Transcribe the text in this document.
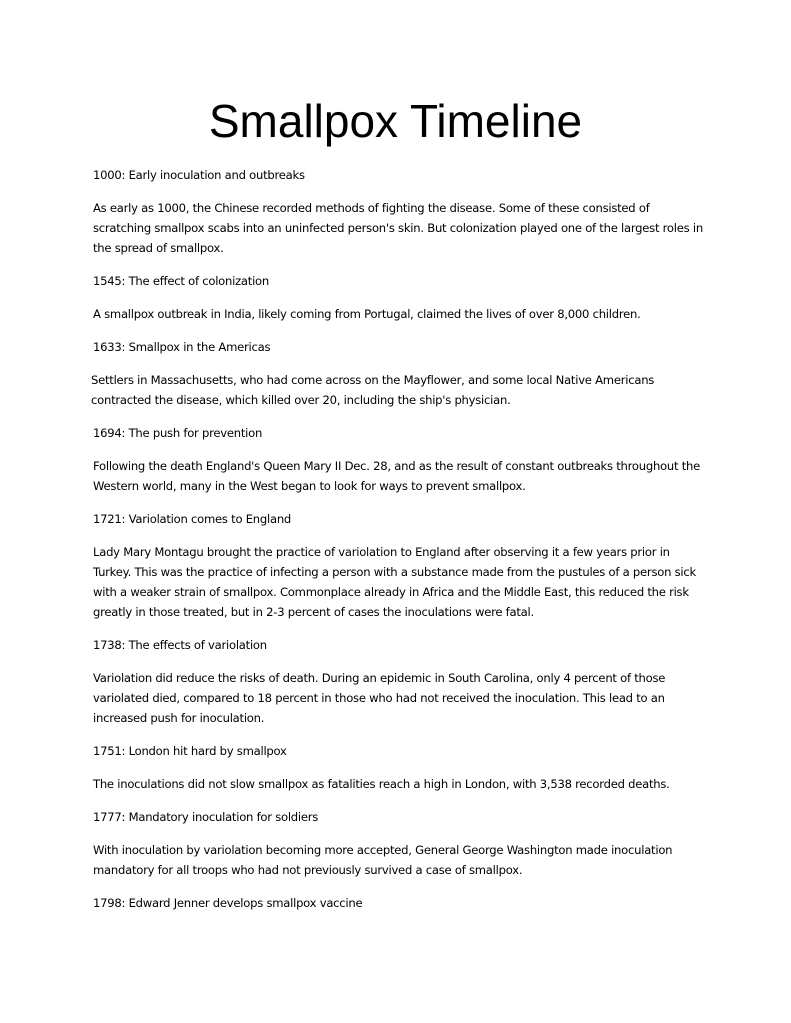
Smallpox Timeline
1000: Early inoculation and outbreaks
As early as 1000, the Chinese recorded methods of fighting the disease. Some of these consisted of scratching smallpox scabs into an uninfected person's skin. But colonization played one of the largest roles in the spread of smallpox.
1545: The effect of colonization
A smallpox outbreak in India, likely coming from Portugal, claimed the lives of over 8,000 children.
1633: Smallpox in the Americas
Settlers in Massachusetts, who had come across on the Mayflower, and some local Native Americans contracted the disease, which killed over 20, including the ship's physician.
1694: The push for prevention
Following the death England's Queen Mary II Dec. 28, and as the result of constant outbreaks throughout the Western world, many in the West began to look for ways to prevent smallpox.
1721: Variolation comes to England
Lady Mary Montagu brought the practice of variolation to England after observing it a few years prior in Turkey. This was the practice of infecting a person with a substance made from the pustules of a person sick with a weaker strain of smallpox. Commonplace already in Africa and the Middle East, this reduced the risk greatly in those treated, but in 2-3 percent of cases the inoculations were fatal.
1738: The effects of variolation
Variolation did reduce the risks of death. During an epidemic in South Carolina, only 4 percent of those variolated died, compared to 18 percent in those who had not received the inoculation. This lead to an increased push for inoculation.
1751: London hit hard by smallpox
The inoculations did not slow smallpox as fatalities reach a high in London, with 3,538 recorded deaths.
1777: Mandatory inoculation for soldiers
With inoculation by variolation becoming more accepted, General George Washington made inoculation mandatory for all troops who had not previously survived a case of smallpox.
1798: Edward Jenner develops smallpox vaccine
